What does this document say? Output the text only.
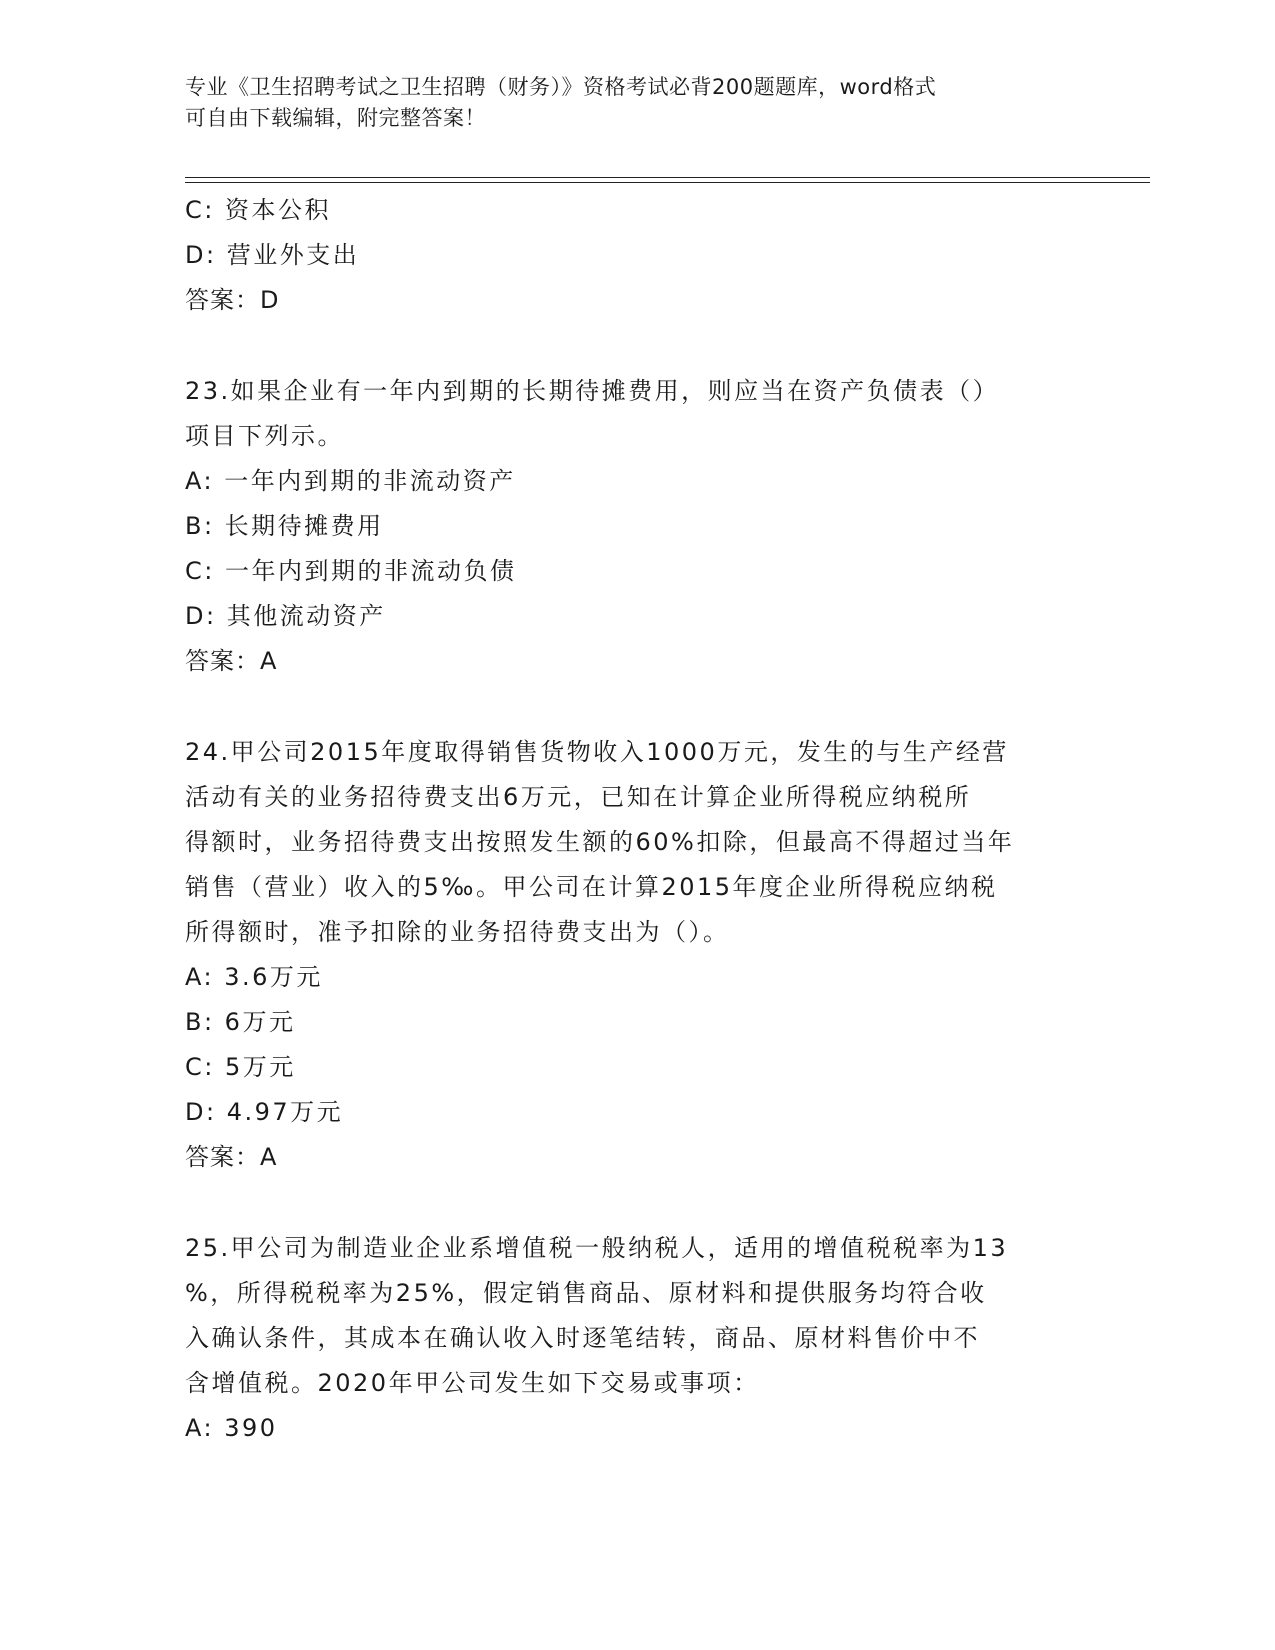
专业《卫生招聘考试之卫生招聘（财务）》资格考试必背200题题库，word格式
可自由下载编辑，附完整答案！
C: 资本公积
D: 营业外支出
答案：D
23.如果企业有一年内到期的长期待摊费用，则应当在资产负债表（）
项目下列示。
A: 一年内到期的非流动资产
B: 长期待摊费用
C: 一年内到期的非流动负债
D: 其他流动资产
答案：A
24.甲公司2015年度取得销售货物收入1000万元，发生的与生产经营
活动有关的业务招待费支出6万元，已知在计算企业所得税应纳税所
得额时，业务招待费支出按照发生额的60%扣除，但最高不得超过当年
销售（营业）收入的5‰。甲公司在计算2015年度企业所得税应纳税
所得额时，准予扣除的业务招待费支出为（）。
A: 3.6万元
B: 6万元
C: 5万元
D: 4.97万元
答案：A
25.甲公司为制造业企业系增值税一般纳税人，适用的增值税税率为13
%，所得税税率为25%，假定销售商品、原材料和提供服务均符合收
入确认条件，其成本在确认收入时逐笔结转，商品、原材料售价中不
含增值税。2020年甲公司发生如下交易或事项：
A: 390
